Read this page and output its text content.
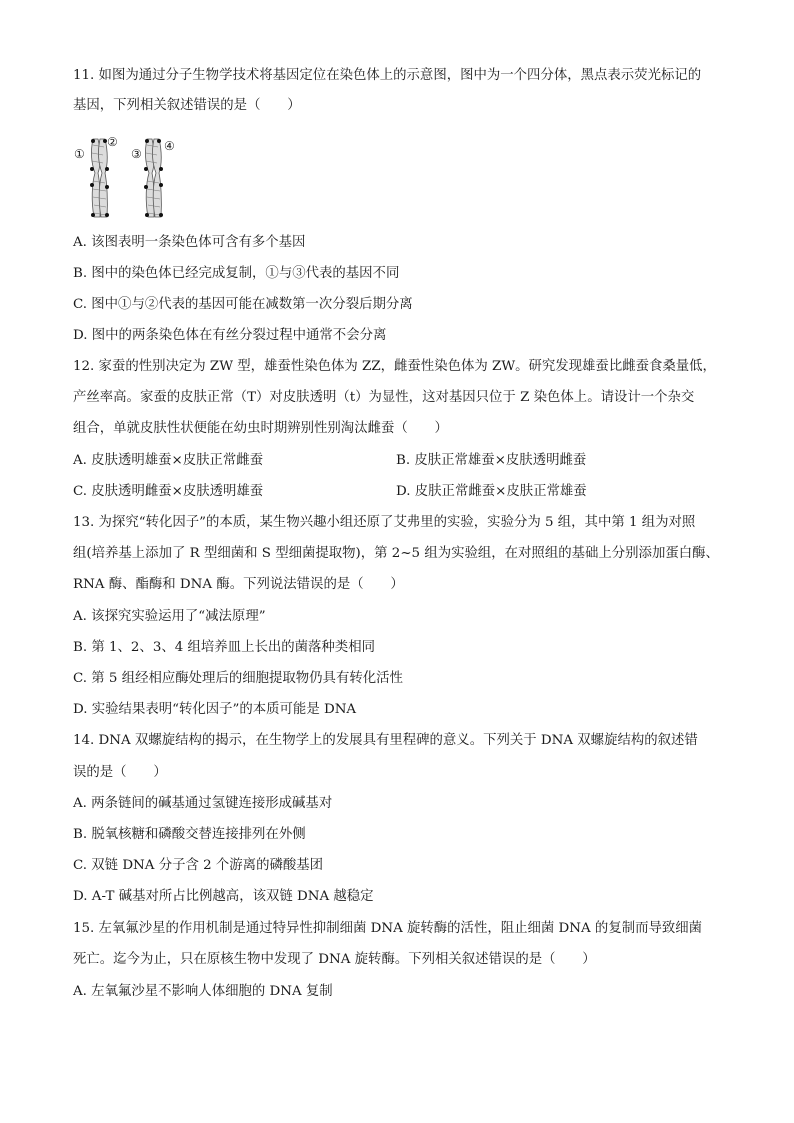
11. 如图为通过分子生物学技术将基因定位在染色体上的示意图，图中为一个四分体，黑点表示荧光标记的
基因，下列相关叙述错误的是（　　）
①
②
③
④
A. 该图表明一条染色体可含有多个基因
B. 图中的染色体已经完成复制，①与③代表的基因不同
C. 图中①与②代表的基因可能在减数第一次分裂后期分离
D. 图中的两条染色体在有丝分裂过程中通常不会分离
12. 家蚕的性别决定为 ZW 型，雄蚕性染色体为 ZZ，雌蚕性染色体为 ZW。研究发现雄蚕比雌蚕食桑量低，
产丝率高。家蚕的皮肤正常（T）对皮肤透明（t）为显性，这对基因只位于 Z 染色体上。请设计一个杂交
组合，单就皮肤性状便能在幼虫时期辨别性别淘汰雌蚕（　　）
A. 皮肤透明雄蚕×皮肤正常雌蚕	B. 皮肤正常雄蚕×皮肤透明雌蚕
C. 皮肤透明雌蚕×皮肤透明雄蚕	D. 皮肤正常雌蚕×皮肤正常雄蚕
13. 为探究“转化因子”的本质，某生物兴趣小组还原了艾弗里的实验，实验分为 5 组，其中第 1 组为对照
组(培养基上添加了 R 型细菌和 S 型细菌提取物)，第 2~5 组为实验组，在对照组的基础上分别添加蛋白酶、
RNA 酶、酯酶和 DNA 酶。下列说法错误的是（　　）
A. 该探究实验运用了“减法原理”
B. 第 1、2、3、4 组培养皿上长出的菌落种类相同
C. 第 5 组经相应酶处理后的细胞提取物仍具有转化活性
D. 实验结果表明“转化因子”的本质可能是 DNA
14. DNA 双螺旋结构的揭示，在生物学上的发展具有里程碑的意义。下列关于 DNA 双螺旋结构的叙述错
误的是（　　）
A. 两条链间的碱基通过氢键连接形成碱基对
B. 脱氧核糖和磷酸交替连接排列在外侧
C. 双链 DNA 分子含 2 个游离的磷酸基团
D. A-T 碱基对所占比例越高，该双链 DNA 越稳定
15. 左氧氟沙星的作用机制是通过特异性抑制细菌 DNA 旋转酶的活性，阻止细菌 DNA 的复制而导致细菌
死亡。迄今为止，只在原核生物中发现了 DNA 旋转酶。下列相关叙述错误的是（　　）
A. 左氧氟沙星不影响人体细胞的 DNA 复制
